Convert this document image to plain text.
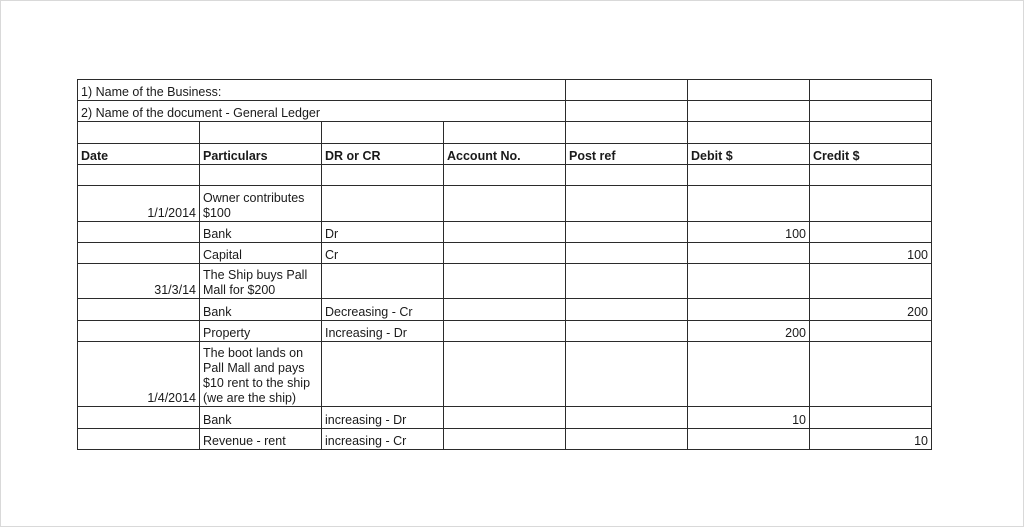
1) Name of the Business:						
2) Name of the document - General Ledger						

Date	Particulars	DR or CR	Account No.	Post ref	Debit $	Credit $

1/1/2014	Owner contributes $100					
	Bank	Dr			100	
	Capital	Cr				100
31/3/14	The Ship buys Pall Mall for $200					
	Bank	Decreasing - Cr				200
	Property	Increasing - Dr			200	
1/4/2014	The boot lands on Pall Mall and pays $10 rent to the ship (we are the ship)					
	Bank	increasing - Dr			10	
	Revenue - rent	increasing - Cr				10
